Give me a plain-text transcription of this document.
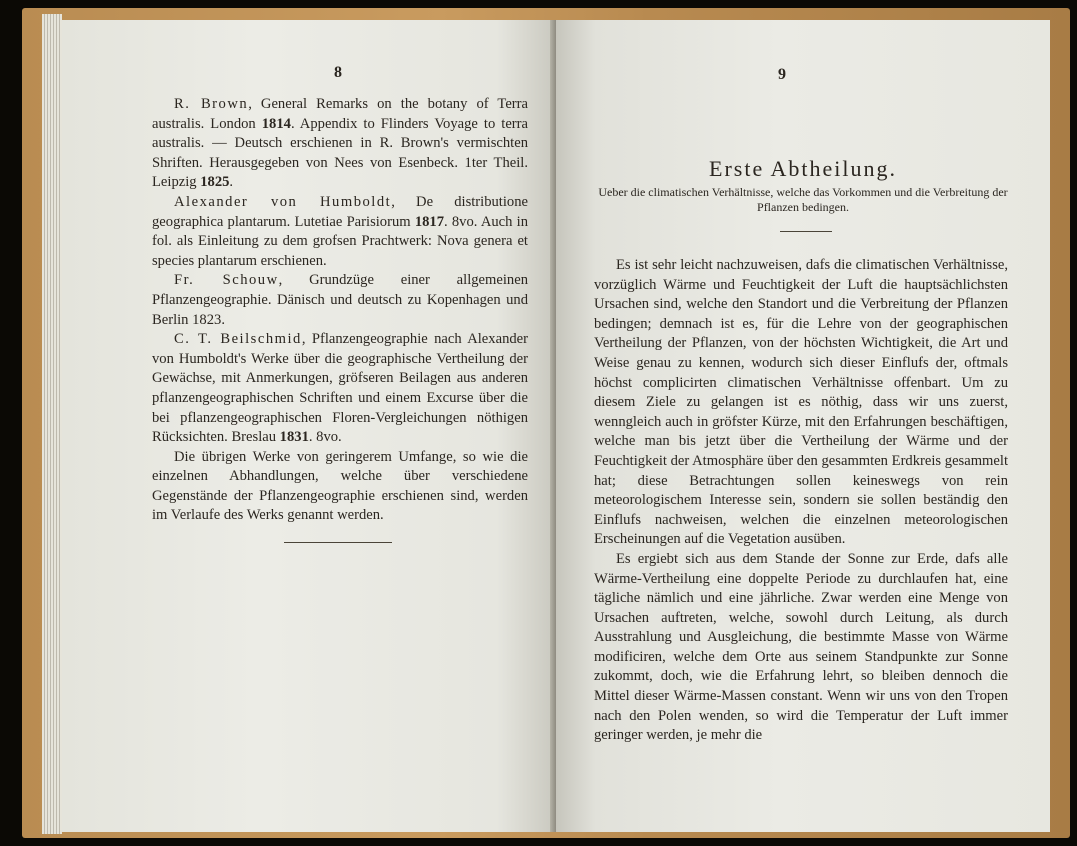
8

R. Brown, General Remarks on the botany of Terra australis. London 1814. Appendix to Flinders Voyage to terra australis. — Deutsch erschienen in R. Brown's vermischten Shriften. Herausgegeben von Nees von Esenbeck. 1ter Theil. Leipzig 1825.

Alexander von Humboldt, De distributione geographica plantarum. Lutetiae Parisiorum 1817. 8vo. Auch in fol. als Einleitung zu dem grofsen Prachtwerk: Nova genera et species plantarum erschienen.

Fr. Schouw, Grundzüge einer allgemeinen Pflanzengeographie. Dänisch und deutsch zu Kopenhagen und Berlin 1823.

C. T. Beilschmid, Pflanzengeographie nach Alexander von Humboldt's Werke über die geographische Vertheilung der Gewächse, mit Anmerkungen, gröfseren Beilagen aus anderen pflanzengeographischen Schriften und einem Excurse über die bei pflanzengeographischen Floren-Vergleichungen nöthigen Rücksichten. Breslau 1831. 8vo.

Die übrigen Werke von geringerem Umfange, so wie die einzelnen Abhandlungen, welche über verschiedene Gegenstände der Pflanzengeographie erschienen sind, werden im Verlaufe des Werks genannt werden.

9
Erste Abtheilung.
Ueber die climatischen Verhältnisse, welche das Vorkommen und die Verbreitung der Pflanzen bedingen.

Es ist sehr leicht nachzuweisen, dafs die climatischen Verhältnisse, vorzüglich Wärme und Feuchtigkeit der Luft die hauptsächlichsten Ursachen sind, welche den Standort und die Verbreitung der Pflanzen bedingen; demnach ist es, für die Lehre von der geographischen Vertheilung der Pflanzen, von der höchsten Wichtigkeit, die Art und Weise genau zu kennen, wodurch sich dieser Einflufs der, oftmals höchst complicirten climatischen Verhältnisse offenbart. Um zu diesem Ziele zu gelangen ist es nöthig, dass wir uns zuerst, wenngleich auch in gröfster Kürze, mit den Erfahrungen beschäftigen, welche man bis jetzt über die Vertheilung der Wärme und der Feuchtigkeit der Atmosphäre über den gesammten Erdkreis gesammelt hat; diese Betrachtungen sollen keineswegs von rein meteorologischem Interesse sein, sondern sie sollen beständig den Einflufs nachweisen, welchen die einzelnen meteorologischen Erscheinungen auf die Vegetation ausüben.

Es ergiebt sich aus dem Stande der Sonne zur Erde, dafs alle Wärme-Vertheilung eine doppelte Periode zu durchlaufen hat, eine tägliche nämlich und eine jährliche. Zwar werden eine Menge von Ursachen auftreten, welche, sowohl durch Leitung, als durch Ausstrahlung und Ausgleichung, die bestimmte Masse von Wärme modificiren, welche dem Orte aus seinem Standpunkte zur Sonne zukommt, doch, wie die Erfahrung lehrt, so bleiben dennoch die Mittel dieser Wärme-Massen constant. Wenn wir uns von den Tropen nach den Polen wenden, so wird die Temperatur der Luft immer geringer werden, je mehr die
